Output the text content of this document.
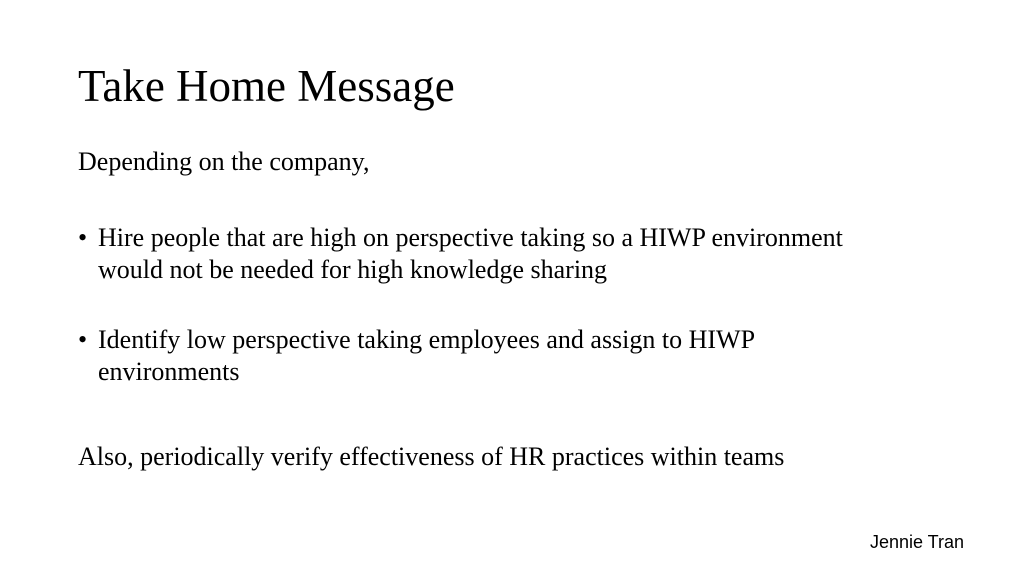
Take Home Message
Depending on the company,
• Hire people that are high on perspective taking so a HIWP environment would not be needed for high knowledge sharing
• Identify low perspective taking employees and assign to HIWP environments
Also, periodically verify effectiveness of HR practices within teams
Jennie Tran
